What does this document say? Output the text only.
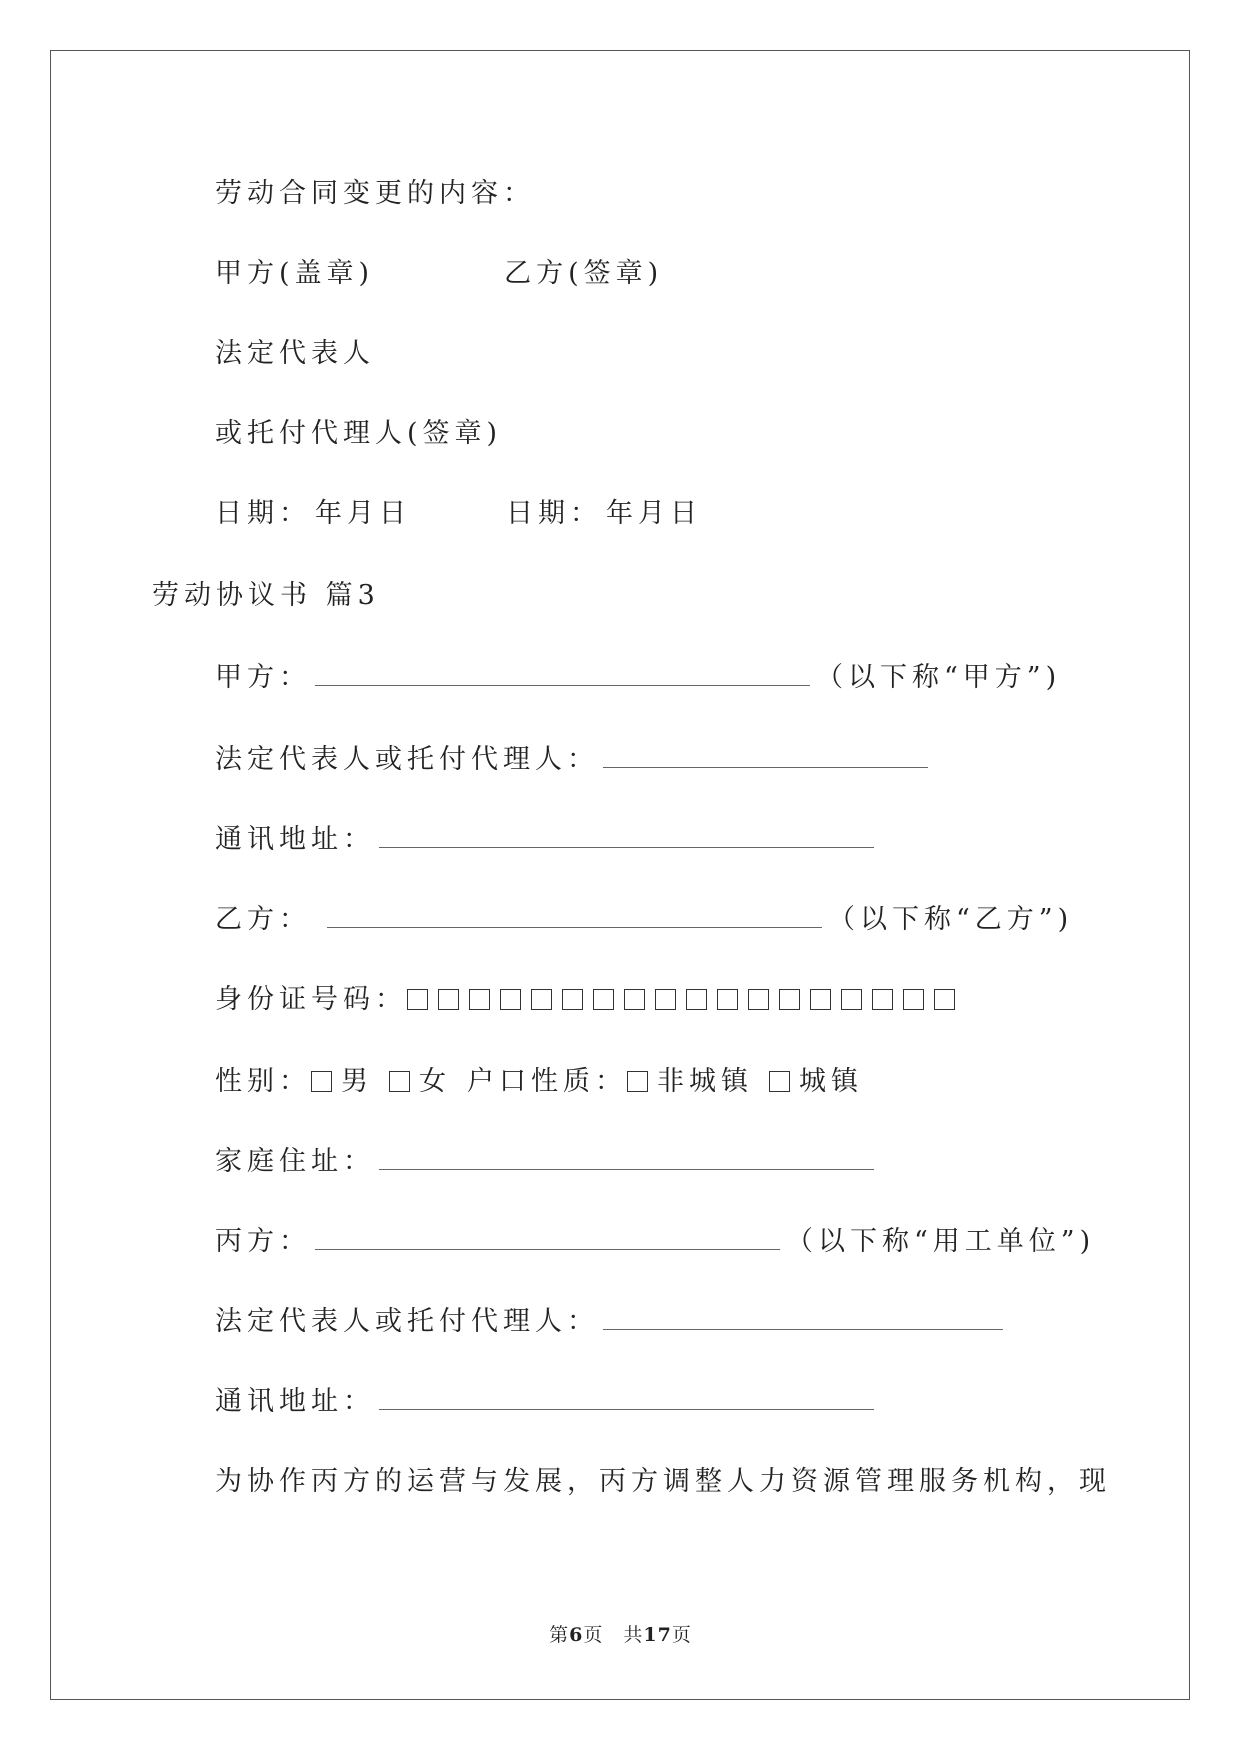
劳动合同变更的内容：
甲方(盖章)	乙方(签章)
法定代表人
或托付代理人(签章)
日期： 年月日	日期： 年月日
劳动协议书 篇3
甲方：	（以下称“甲方”)
法定代表人或托付代理人：
通讯地址：
乙方：	（以下称“乙方”)
身份证号码：
性别： 男 女 户口性质： 非城镇 城镇
家庭住址：
丙方：	（以下称“用工单位”)
法定代表人或托付代理人：
通讯地址：
为协作丙方的运营与发展，丙方调整人力资源管理服务机构，现
第6页　共17页
